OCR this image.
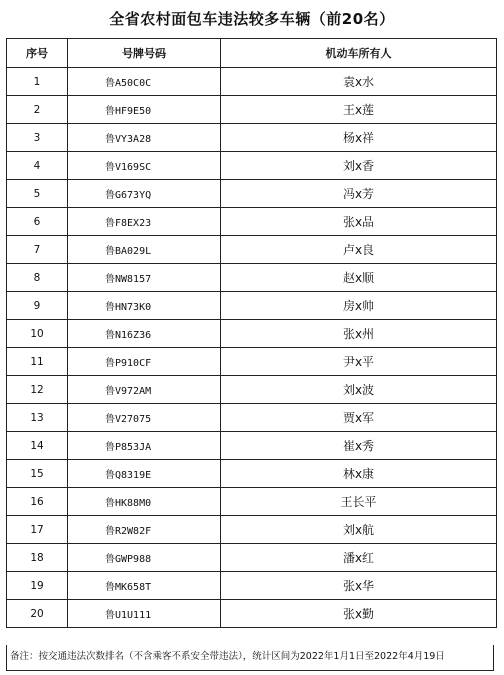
全省农村面包车违法较多车辆（前20名）
序号	号牌号码	机动车所有人
1	鲁A50C0C	袁x水
2	鲁HF9E50	王x莲
3	鲁VY3A28	杨x祥
4	鲁V169SC	刘x香
5	鲁G673YQ	冯x芳
6	鲁F8EX23	张x品
7	鲁BA029L	卢x良
8	鲁NW8157	赵x顺
9	鲁HN73K0	房x帅
10	鲁N16Z36	张x州
11	鲁P910CF	尹x平
12	鲁V972AM	刘x波
13	鲁V27075	贾x军
14	鲁P853JA	崔x秀
15	鲁Q8319E	林x康
16	鲁HK88M0	王长平
17	鲁R2W82F	刘x航
18	鲁GWP988	潘x红
19	鲁MK658T	张x华
20	鲁U1U111	张x勤
备注：按交通违法次数排名（不含乘客不系安全带违法），统计区间为2022年1月1日至2022年4月19日
